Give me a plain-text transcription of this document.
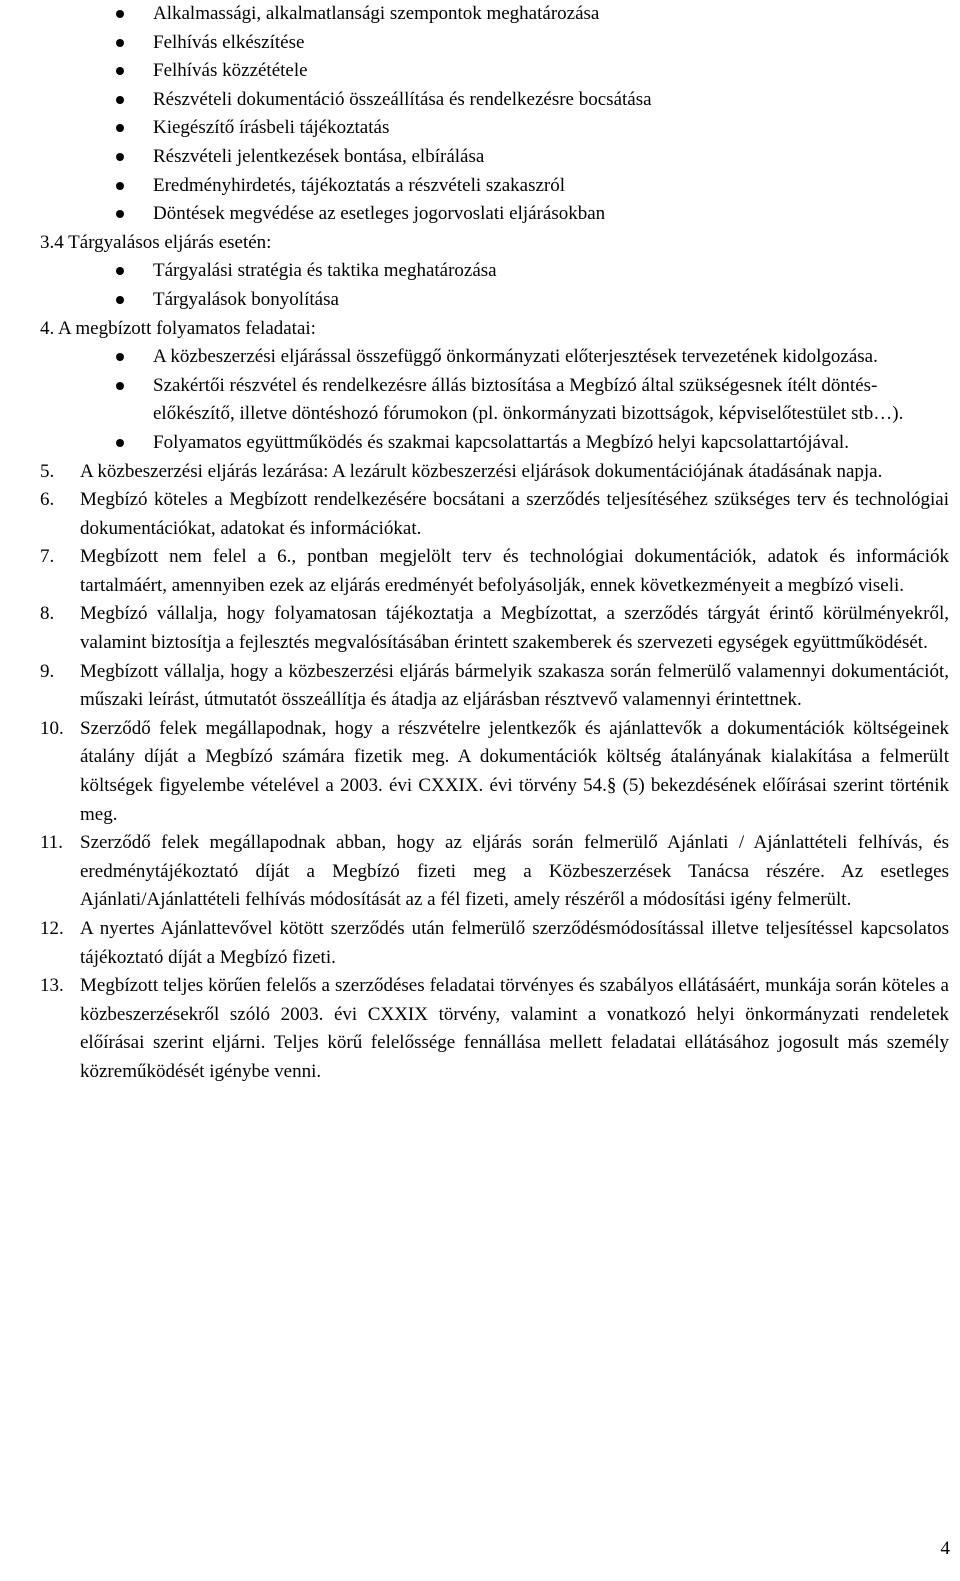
Alkalmassági, alkalmatlansági szempontok meghatározása
Felhívás elkészítése
Felhívás közzététele
Részvételi dokumentáció összeállítása és rendelkezésre bocsátása
Kiegészítő írásbeli tájékoztatás
Részvételi jelentkezések bontása, elbírálása
Eredményhirdetés, tájékoztatás a részvételi szakaszról
Döntések megvédése az esetleges jogorvoslati eljárásokban

3.4 Tárgyalásos eljárás esetén:

Tárgyalási stratégia és taktika meghatározása
Tárgyalások bonyolítása

4. A megbízott folyamatos feladatai:

A közbeszerzési eljárással összefüggő önkormányzati előterjesztések tervezetének kidolgozása.
Szakértői részvétel és rendelkezésre állás biztosítása a Megbízó által szükségesnek ítélt döntés-előkészítő, illetve döntéshozó fórumokon (pl. önkormányzati bizottságok, képviselőtestület stb…).
Folyamatos együttműködés és szakmai kapcsolattartás a Megbízó helyi kapcsolattartójával.
5. A közbeszerzési eljárás lezárása: A lezárult közbeszerzési eljárások dokumentációjának átadásának napja.
6. Megbízó köteles a Megbízott rendelkezésére bocsátani a szerződés teljesítéséhez szükséges terv és technológiai dokumentációkat, adatokat és információkat.
7. Megbízott nem felel a 6., pontban megjelölt terv és technológiai dokumentációk, adatok és információk tartalmáért, amennyiben ezek az eljárás eredményét befolyásolják, ennek következményeit a megbízó viseli.
8. Megbízó vállalja, hogy folyamatosan tájékoztatja a Megbízottat, a szerződés tárgyát érintő körülményekről, valamint biztosítja a fejlesztés megvalósításában érintett szakemberek és szervezeti egységek együttműködését.
9. Megbízott vállalja, hogy a közbeszerzési eljárás bármelyik szakasza során felmerülő valamennyi dokumentációt, műszaki leírást, útmutatót összeállítja és átadja az eljárásban résztvevő valamennyi érintettnek.
10. Szerződő felek megállapodnak, hogy a részvételre jelentkezők és ajánlattevők a dokumentációk költségeinek átalány díját a Megbízó számára fizetik meg. A dokumentációk költség átalányának kialakítása a felmerült költségek figyelembe vételével a 2003. évi CXXIX. évi törvény 54.§ (5) bekezdésének előírásai szerint történik meg.
11. Szerződő felek megállapodnak abban, hogy az eljárás során felmerülő Ajánlati / Ajánlattételi felhívás, és eredménytájékoztató díját a Megbízó fizeti meg a Közbeszerzések Tanácsa részére. Az esetleges Ajánlati/Ajánlattételi felhívás módosítását az a fél fizeti, amely részéről a módosítási igény felmerült.
12. A nyertes Ajánlattevővel kötött szerződés után felmerülő szerződésmódosítással illetve teljesítéssel kapcsolatos tájékoztató díját a Megbízó fizeti.
13. Megbízott teljes körűen felelős a szerződéses feladatai törvényes és szabályos ellátásáért, munkája során köteles a közbeszerzésekről szóló 2003. évi CXXIX törvény, valamint a vonatkozó helyi önkormányzati rendeletek előírásai szerint eljárni. Teljes körű felelőssége fennállása mellett feladatai ellátásához jogosult más személy közreműködését igénybe venni.
4
